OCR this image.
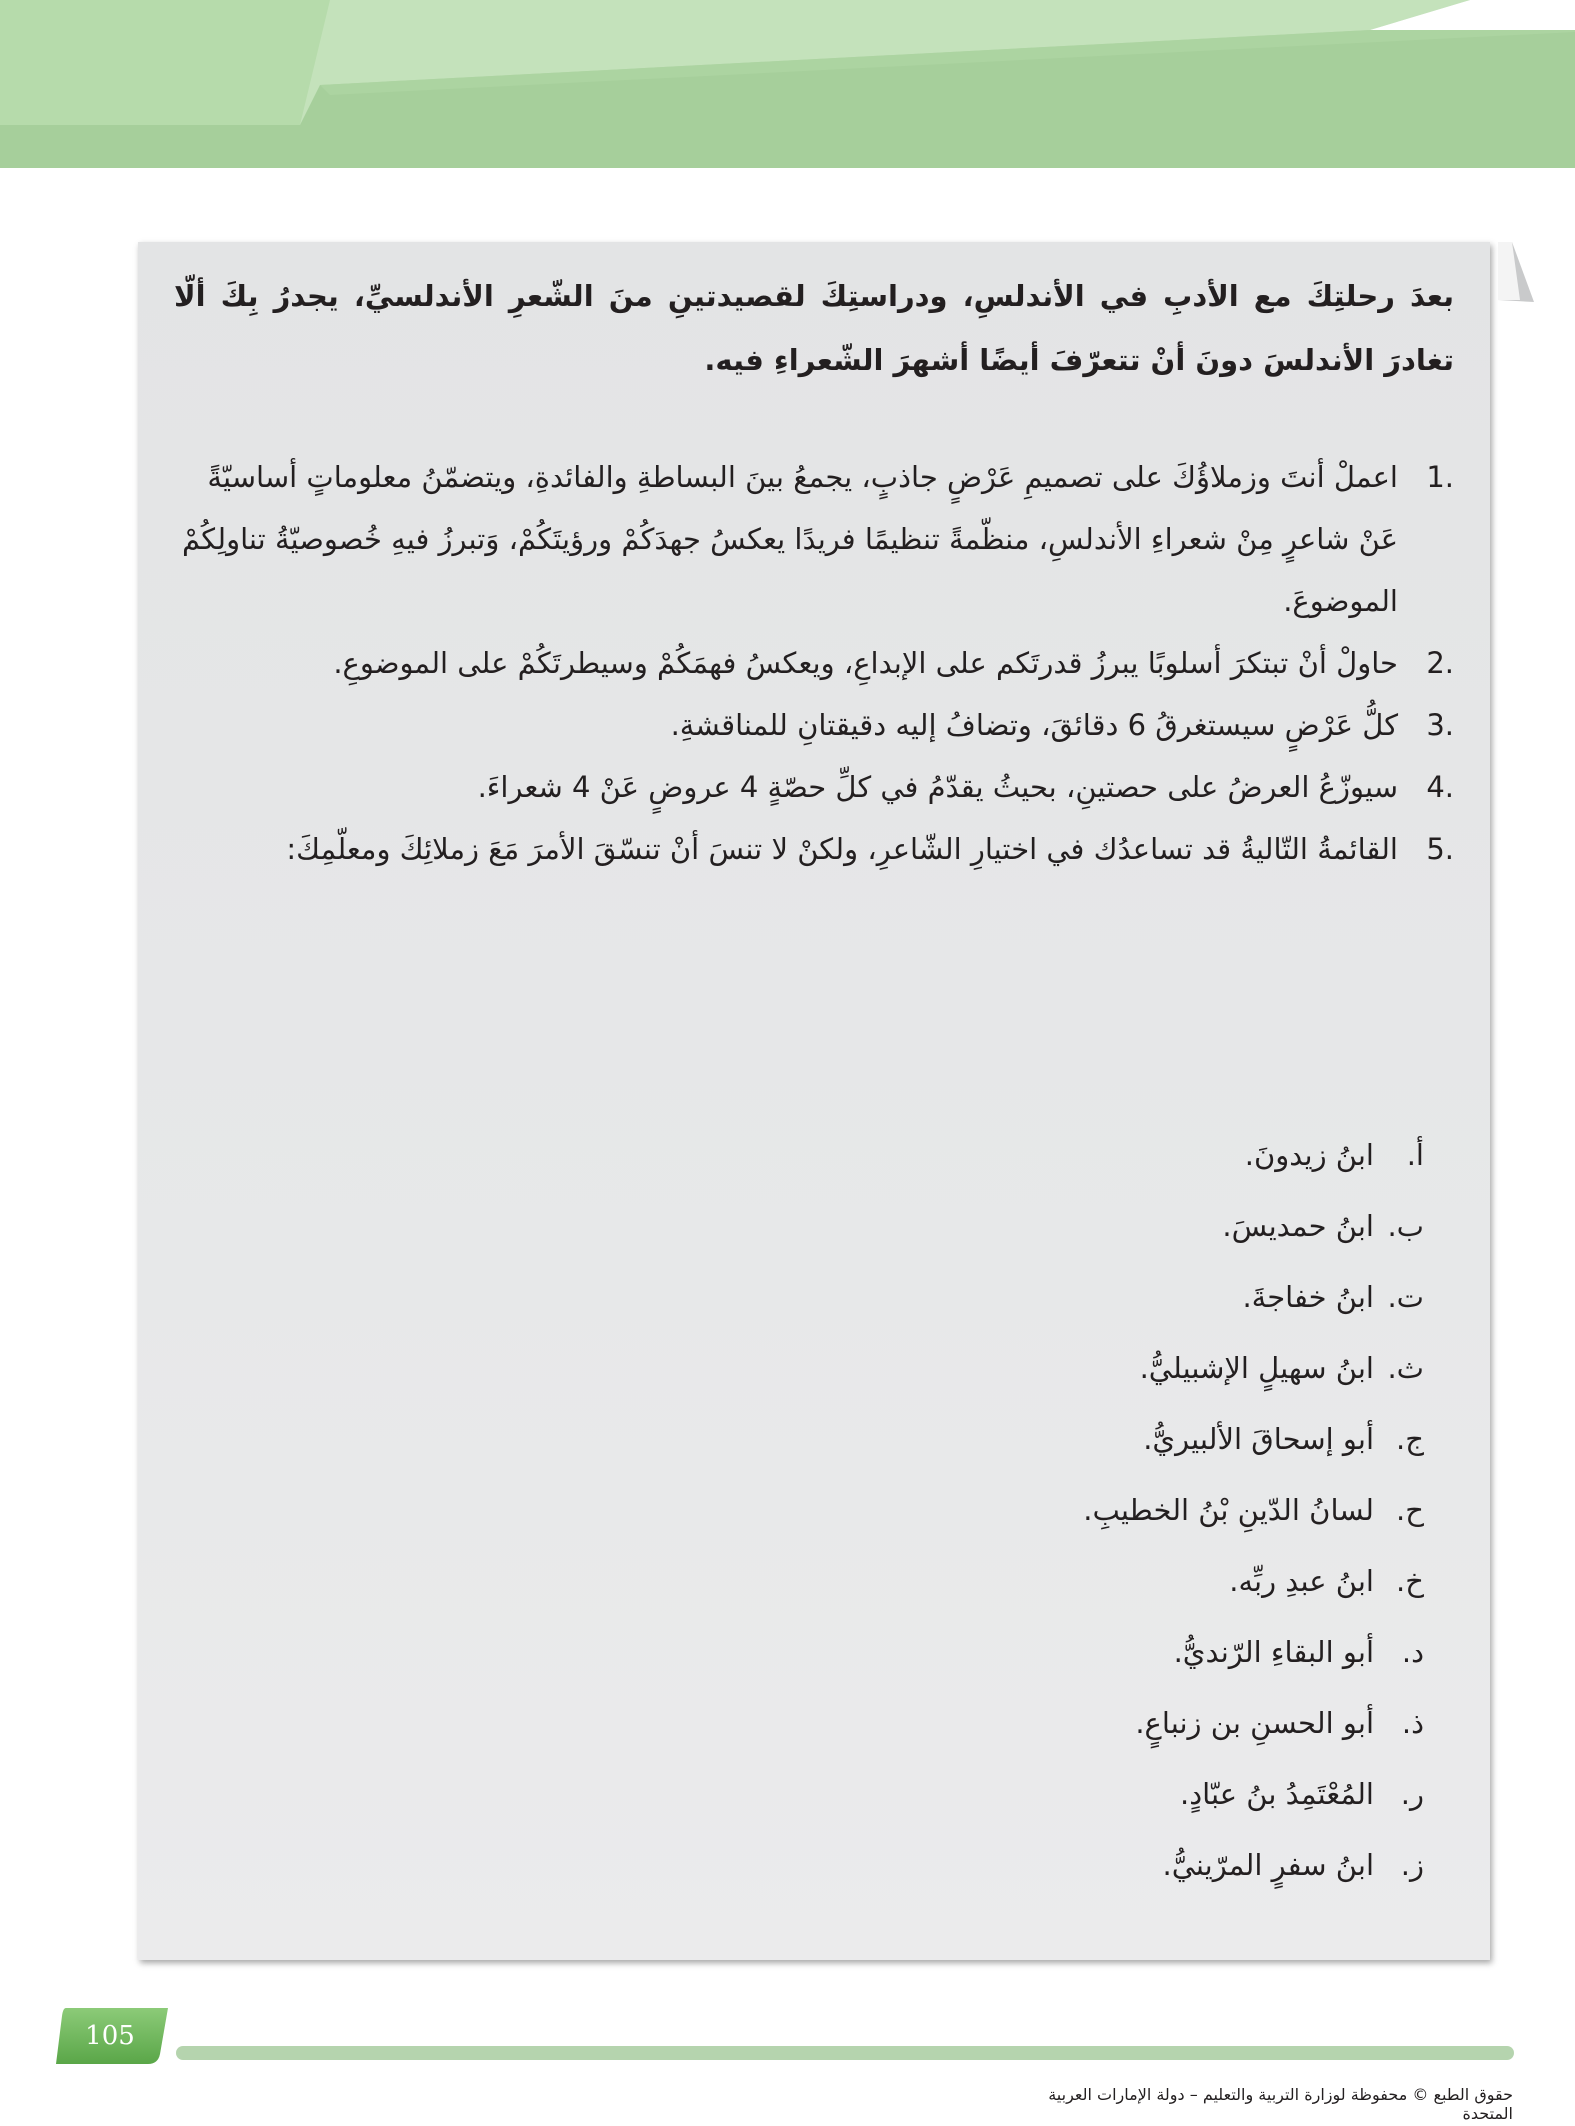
بعدَ رحلتِكَ مع الأدبِ في الأندلسِ، ودراستِكَ لقصيدتينِ منَ الشّعرِ الأندلسيِّ، يجدرُ بِكَ ألّا تغادرَ الأندلسَ دونَ أنْ تتعرّفَ أيضًا أشهرَ الشّعراءِ فيه.

.1
اعملْ أنتَ وزملاؤُكَ على تصميمِ عَرْضٍ جاذبٍ، يجمعُ بينَ البساطةِ والفائدةِ، ويتضمّنُ معلوماتٍ أساسيّةً عَنْ شاعرٍ مِنْ شعراءِ الأندلسِ، منظّمةً تنظيمًا فريدًا يعكسُ جهدَكُمْ ورؤيتَكُمْ، وَتبرزُ فيهِ خُصوصيّةُ تناولِكُمْ الموضوعَ.
.2
حاولْ أنْ تبتكرَ أسلوبًا يبرزُ قدرتَكم على الإبداعِ، ويعكسُ فهمَكُمْ وسيطرتَكُمْ على الموضوعِ.
.3
كلُّ عَرْضٍ سيستغرقُ 6 دقائقَ، وتضافُ إليه دقيقتانِ للمناقشةِ.
.4
سيوزّعُ العرضُ على حصتينِ، بحيثُ يقدّمُ في كلِّ حصّةٍ 4 عروضٍ عَنْ 4 شعراءَ.
.5
القائمةُ التّاليةُ قد تساعدُك في اختيارِ الشّاعرِ، ولكنْ لا تنسَ أنْ تنسّقَ الأمرَ مَعَ زملائِكَ ومعلّمِكَ:
أ.
ابنُ زيدونَ.
ب.
ابنُ حمديسَ.
ت.
ابنُ خفاجةَ.
ث.
ابنُ سهيلٍ الإشبيليُّ.
ج.
أبو إسحاقَ الألبيريُّ.
ح.
لسانُ الدّينِ بْنُ الخطيبِ.
خ.
ابنُ عبدِ ربِّه.
د.
أبو البقاءِ الرّنديُّ.
ذ.
أبو الحسنِ بن زنباعٍ.
ر.
المُعْتَمِدُ بنُ عبّادٍ.
ز.
ابنُ سفرٍ المرّينيُّ.
105
حقوق الطبع © محفوظة لوزارة التربية والتعليم – دولة الإمارات العربية المتحدة
